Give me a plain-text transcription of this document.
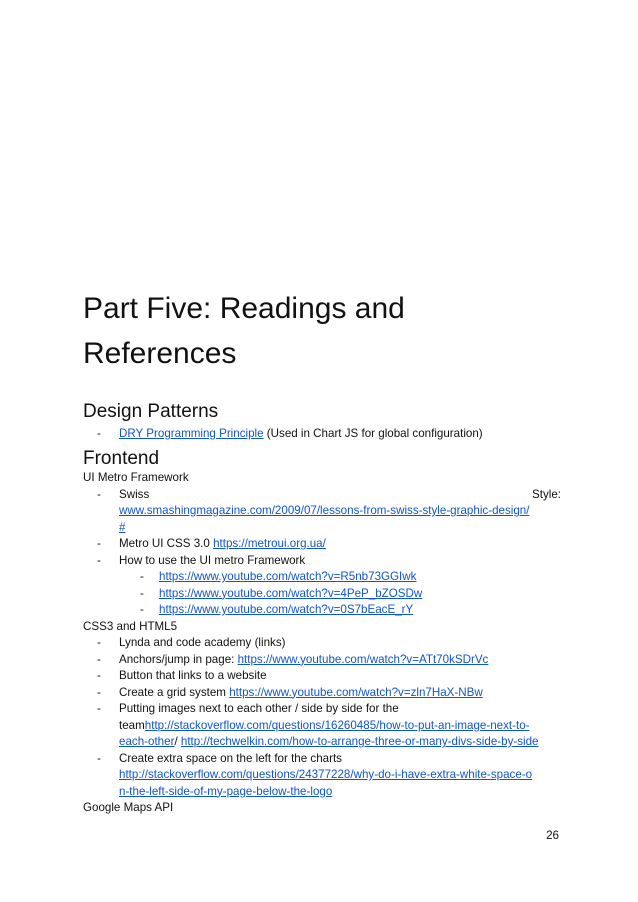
Part Five: Readings and References
Design Patterns
- DRY Programming Principle (Used in Chart JS for global configuration)
Frontend
UI Metro Framework
- Swiss	Style:
www.smashingmagazine.com/2009/07/lessons-from-swiss-style-graphic-design/
#
- Metro UI CSS 3.0 https://metroui.org.ua/
- How to use the UI metro Framework
- https://www.youtube.com/watch?v=R5nb73GGIwk
- https://www.youtube.com/watch?v=4PeP_bZOSDw
- https://www.youtube.com/watch?v=0S7bEacE_rY
CSS3 and HTML5
- Lynda and code academy (links)
- Anchors/jump in page: https://www.youtube.com/watch?v=ATt70kSDrVc
- Button that links to a website
- Create a grid system https://www.youtube.com/watch?v=zln7HaX-NBw
- Putting images next to each other / side by side for the
teamhttp://stackoverflow.com/questions/16260485/how-to-put-an-image-next-to-
each-other/ http://techwelkin.com/how-to-arrange-three-or-many-divs-side-by-side
- Create extra space on the left for the charts
http://stackoverflow.com/questions/24377228/why-do-i-have-extra-white-space-o
n-the-left-side-of-my-page-below-the-logo
Google Maps API
26
